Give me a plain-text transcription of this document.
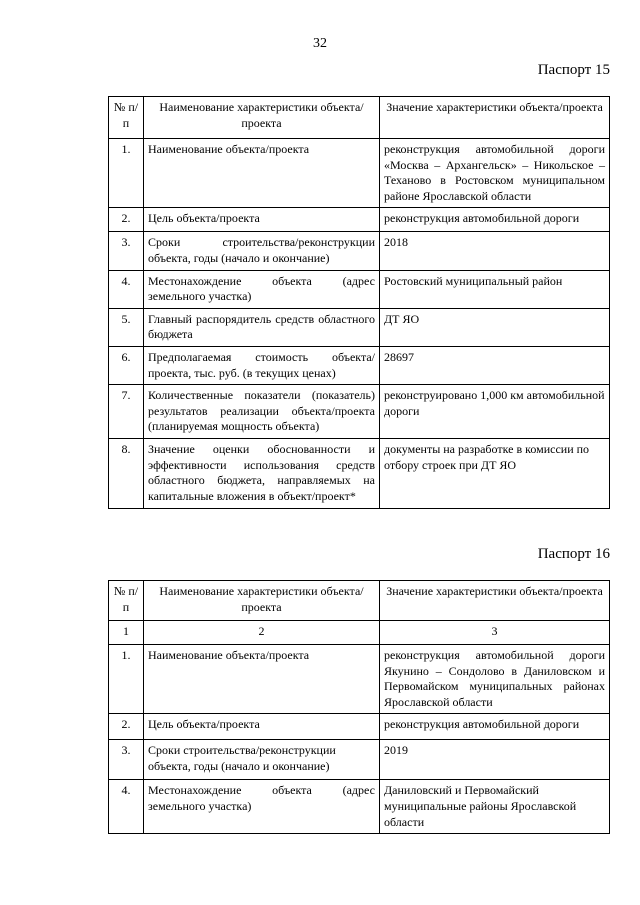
32
Паспорт 15
№ п/п	Наименование характеристики объекта/проекта	Значение характеристики объекта/проекта
1.	Наименование объекта/проекта	реконструкция автомобильной дороги «Москва – Архангельск» – Никольское – Теханово в Ростовском муниципальном районе Ярославской области
2.	Цель объекта/проекта	реконструкция автомобильной дороги
3.	Сроки строительства/реконструкции объекта, годы (начало и окончание)	2018
4.	Местонахождение объекта (адрес земельного участка)	Ростовский муниципальный район
5.	Главный распорядитель средств областного бюджета	ДТ ЯО
6.	Предполагаемая стоимость объекта/проекта, тыс. руб. (в текущих ценах)	28697
7.	Количественные показатели (показатель) результатов реализации объекта/проекта (планируемая мощность объекта)	реконструировано 1,000 км автомобильной дороги
8.	Значение оценки обоснованности и эффективности использования средств областного бюджета, направляемых на капитальные вложения в объект/проект*	документы на разработке в комиссии по отбору строек при ДТ ЯО
Паспорт 16
№ п/п	Наименование характеристики объекта/проекта	Значение характеристики объекта/проекта
1	2	3
1.	Наименование объекта/проекта	реконструкция автомобильной дороги Якунино – Сондолово в Даниловском и Первомайском муниципальных районах Ярославской области
2.	Цель объекта/проекта	реконструкция автомобильной дороги
3.	Сроки строительства/реконструкции объекта, годы (начало и окончание)	2019
4.	Местонахождение объекта (адрес земельного участка)	Даниловский и Первомайский муниципальные районы Ярославской области
